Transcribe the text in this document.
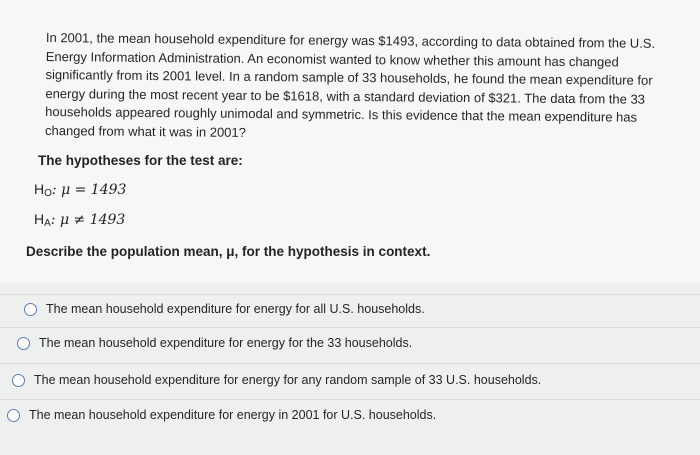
In 2001, the mean household expenditure for energy was $1493, according to data obtained from the U.S. Energy Information Administration. An economist wanted to know whether this amount has changed significantly from its 2001 level. In a random sample of 33 households, he found the mean expenditure for energy during the most recent year to be $1618, with a standard deviation of $321. The data from the 33 households appeared roughly unimodal and symmetric. Is this evidence that the mean expenditure has changed from what it was in 2001?

The hypotheses for the test are:

$H_O$: μ = 1493

$H_A$: μ ≠ 1493

Describe the population mean, μ, for the hypothesis in context.

The mean household expenditure for energy for all U.S. households.
The mean household expenditure for energy for the 33 households.
The mean household expenditure for energy for any random sample of 33 U.S. households.
The mean household expenditure for energy in 2001 for U.S. households.
